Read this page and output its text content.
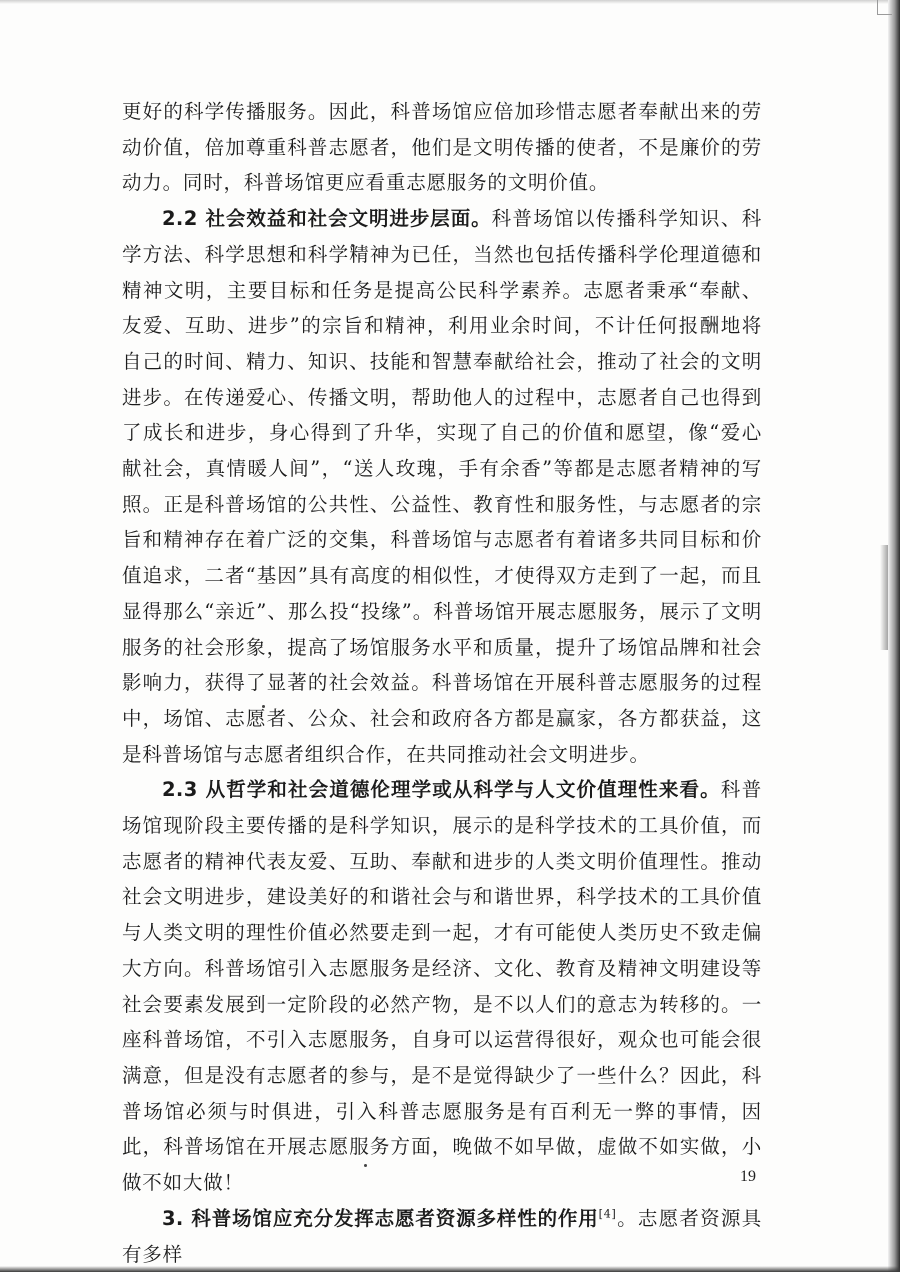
更好的科学传播服务。因此，科普场馆应倍加珍惜志愿者奉献出来的劳动价值，倍加尊重科普志愿者，他们是文明传播的使者，不是廉价的劳动力。同时，科普场馆更应看重志愿服务的文明价值。

2.2 社会效益和社会文明进步层面。科普场馆以传播科学知识、科学方法、科学思想和科学精神为已任，当然也包括传播科学伦理道德和精神文明，主要目标和任务是提高公民科学素养。志愿者秉承“奉献、友爱、互助、进步”的宗旨和精神，利用业余时间，不计任何报酬地将自己的时间、精力、知识、技能和智慧奉献给社会，推动了社会的文明进步。在传递爱心、传播文明，帮助他人的过程中，志愿者自己也得到了成长和进步，身心得到了升华，实现了自己的价值和愿望，像“爱心献社会，真情暖人间”，“送人玫瑰，手有余香”等都是志愿者精神的写照。正是科普场馆的公共性、公益性、教育性和服务性，与志愿者的宗旨和精神存在着广泛的交集，科普场馆与志愿者有着诸多共同目标和价值追求，二者“基因”具有高度的相似性，才使得双方走到了一起，而且显得那么“亲近”、那么投“投缘”。科普场馆开展志愿服务，展示了文明服务的社会形象，提高了场馆服务水平和质量，提升了场馆品牌和社会影响力，获得了显著的社会效益。科普场馆在开展科普志愿服务的过程中，场馆、志愿者、公众、社会和政府各方都是赢家，各方都获益，这是科普场馆与志愿者组织合作，在共同推动社会文明进步。

2.3 从哲学和社会道德伦理学或从科学与人文价值理性来看。科普场馆现阶段主要传播的是科学知识，展示的是科学技术的工具价值，而志愿者的精神代表友爱、互助、奉献和进步的人类文明价值理性。推动社会文明进步，建设美好的和谐社会与和谐世界，科学技术的工具价值与人类文明的理性价值必然要走到一起，才有可能使人类历史不致走偏大方向。科普场馆引入志愿服务是经济、文化、教育及精神文明建设等社会要素发展到一定阶段的必然产物，是不以人们的意志为转移的。一座科普场馆，不引入志愿服务，自身可以运营得很好，观众也可能会很满意，但是没有志愿者的参与，是不是觉得缺少了一些什么？因此，科普场馆必须与时俱进，引入科普志愿服务是有百利无一弊的事情，因此，科普场馆在开展志愿服务方面，晚做不如早做，虚做不如实做，小做不如大做！

3. 科普场馆应充分发挥志愿者资源多样性的作用[4]。志愿者资源具有多样

19
